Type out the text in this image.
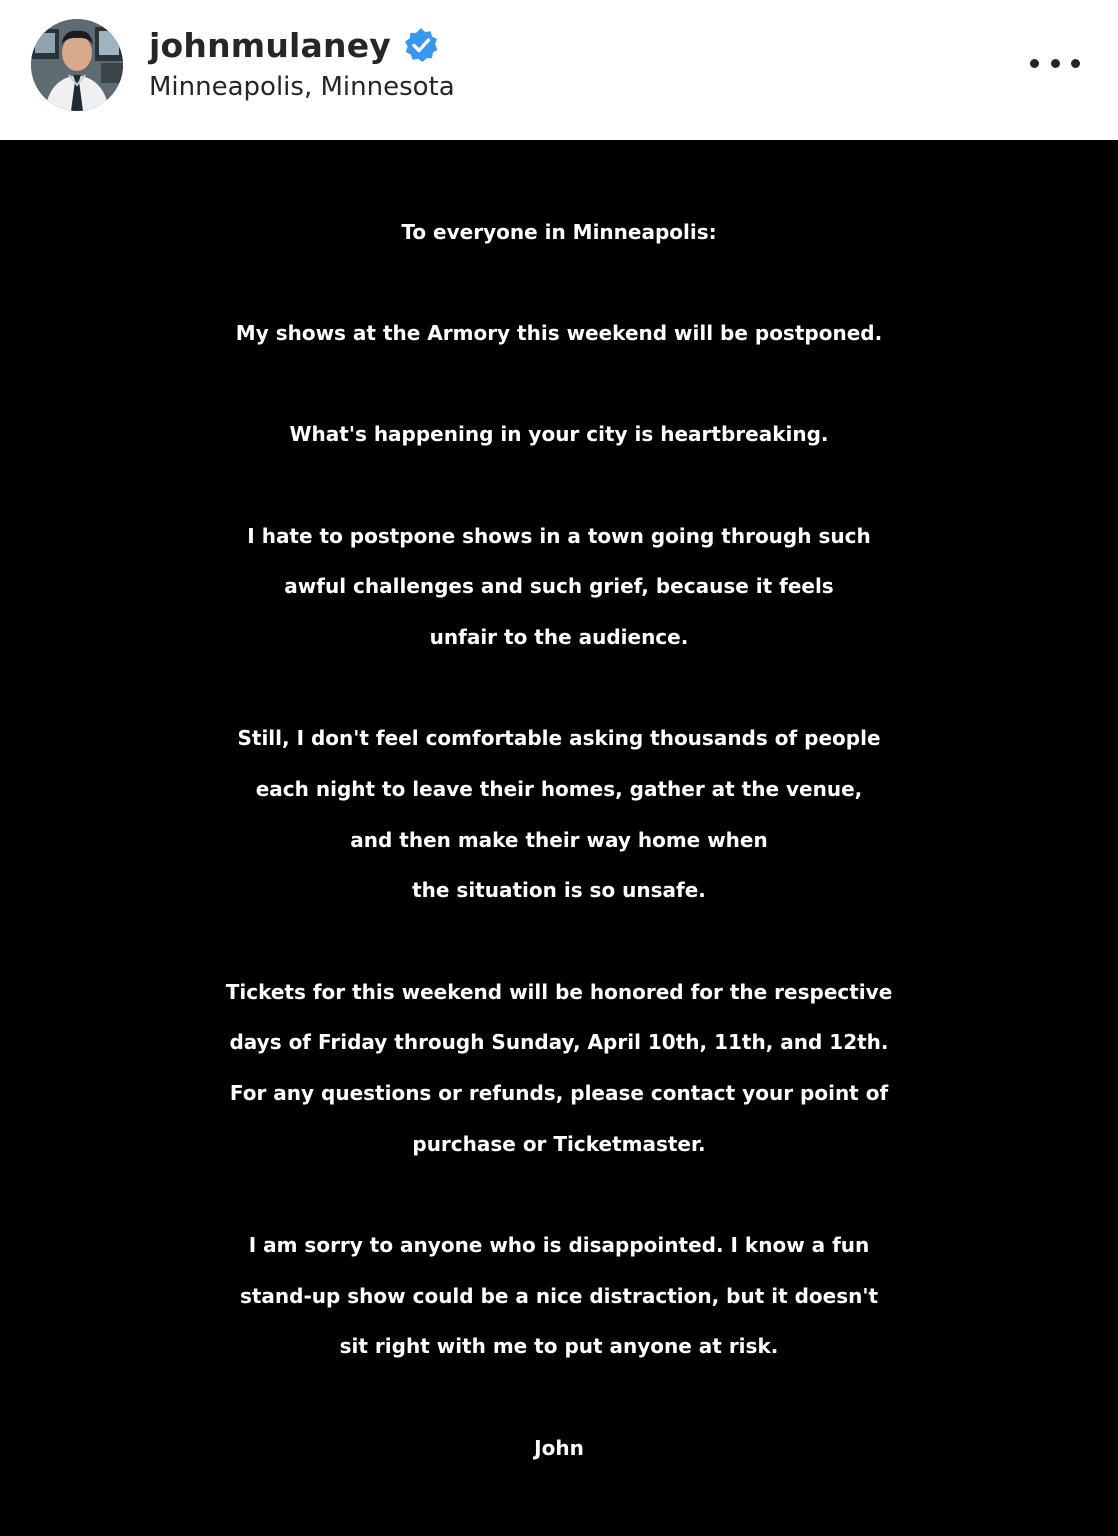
johnmulaney
Minneapolis, Minnesota
To everyone in Minneapolis:
My shows at the Armory this weekend will be postponed.
What's happening in your city is heartbreaking.
I hate to postpone shows in a town going through such
awful challenges and such grief, because it feels
unfair to the audience.
Still, I don't feel comfortable asking thousands of people
each night to leave their homes, gather at the venue,
and then make their way home when
the situation is so unsafe.
Tickets for this weekend will be honored for the respective
days of Friday through Sunday, April 10th, 11th, and 12th.
For any questions or refunds, please contact your point of
purchase or Ticketmaster.
I am sorry to anyone who is disappointed. I know a fun
stand-up show could be a nice distraction, but it doesn't
sit right with me to put anyone at risk.
John
